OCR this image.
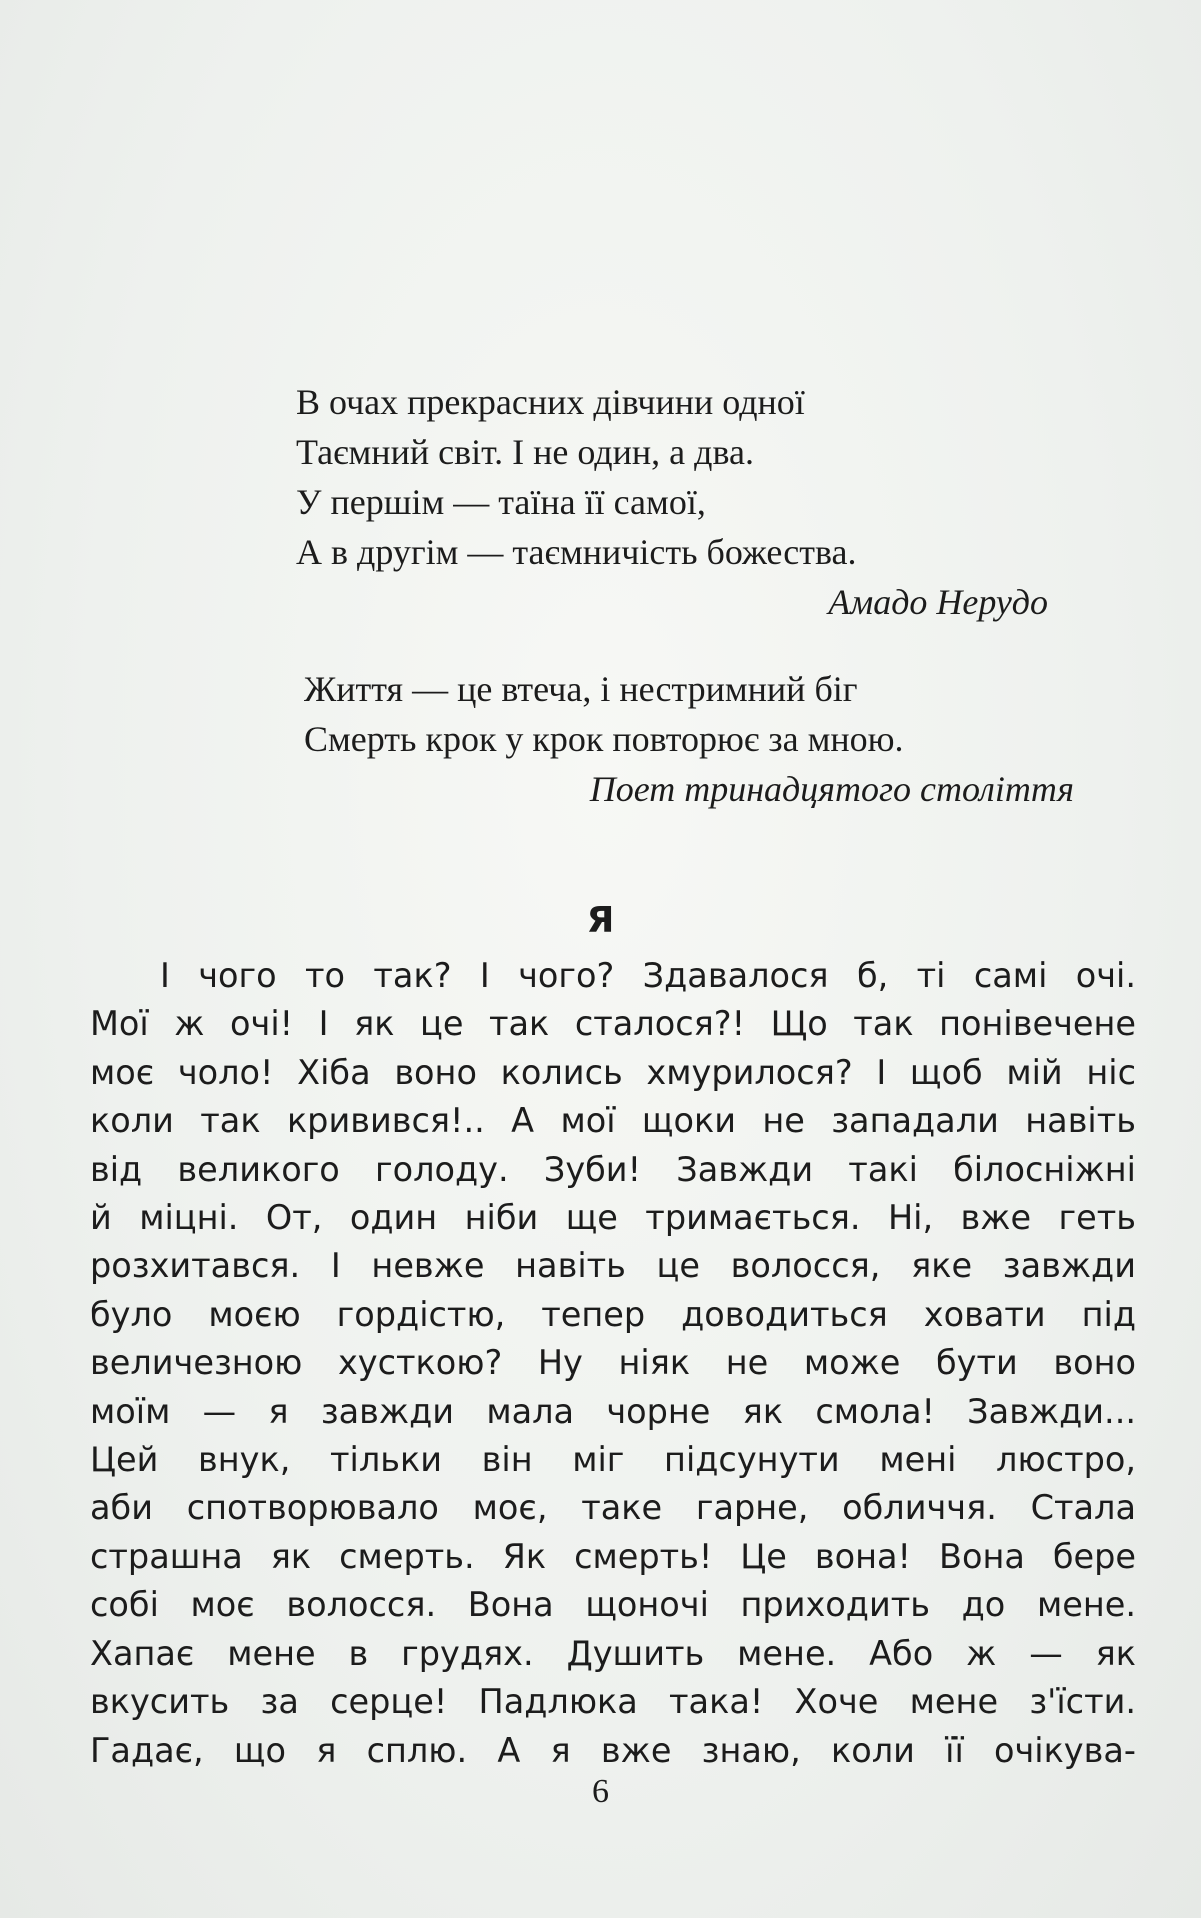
В очах прекрасних дівчини одної
Таємний світ. І не один, а два.
У першім — таїна її самої,
А в другім — таємничість божества.
Амадо Нерудо
Життя — це втеча, і нестримний біг
Смерть крок у крок повторює за мною.
Поет тринадцятого століття
Я
І чого то так? І чого? Здавалося б, ті самі очі.
Мої ж очі! І як це так сталося?! Що так понівечене
моє чоло! Хіба воно колись хмурилося? І щоб мій ніс
коли так кривився!.. А мої щоки не западали навіть
від великого голоду. Зуби! Завжди такі білосніжні
й міцні. От, один ніби ще тримається. Ні, вже геть
розхитався. І невже навіть це волосся, яке завжди
було моєю гордістю, тепер доводиться ховати під
величезною хусткою? Ну ніяк не може бути воно
моїм — я завжди мала чорне як смола! Завжди...
Цей внук, тільки він міг підсунути мені люстро,
аби спотворювало моє, таке гарне, обличчя. Стала
страшна як смерть. Як смерть! Це вона! Вона бере
собі моє волосся. Вона щоночі приходить до мене.
Хапає мене в грудях. Душить мене. Або ж — як
вкусить за серце! Падлюка така! Хоче мене з'їсти.
Гадає, що я сплю. А я вже знаю, коли її очікува-
6
